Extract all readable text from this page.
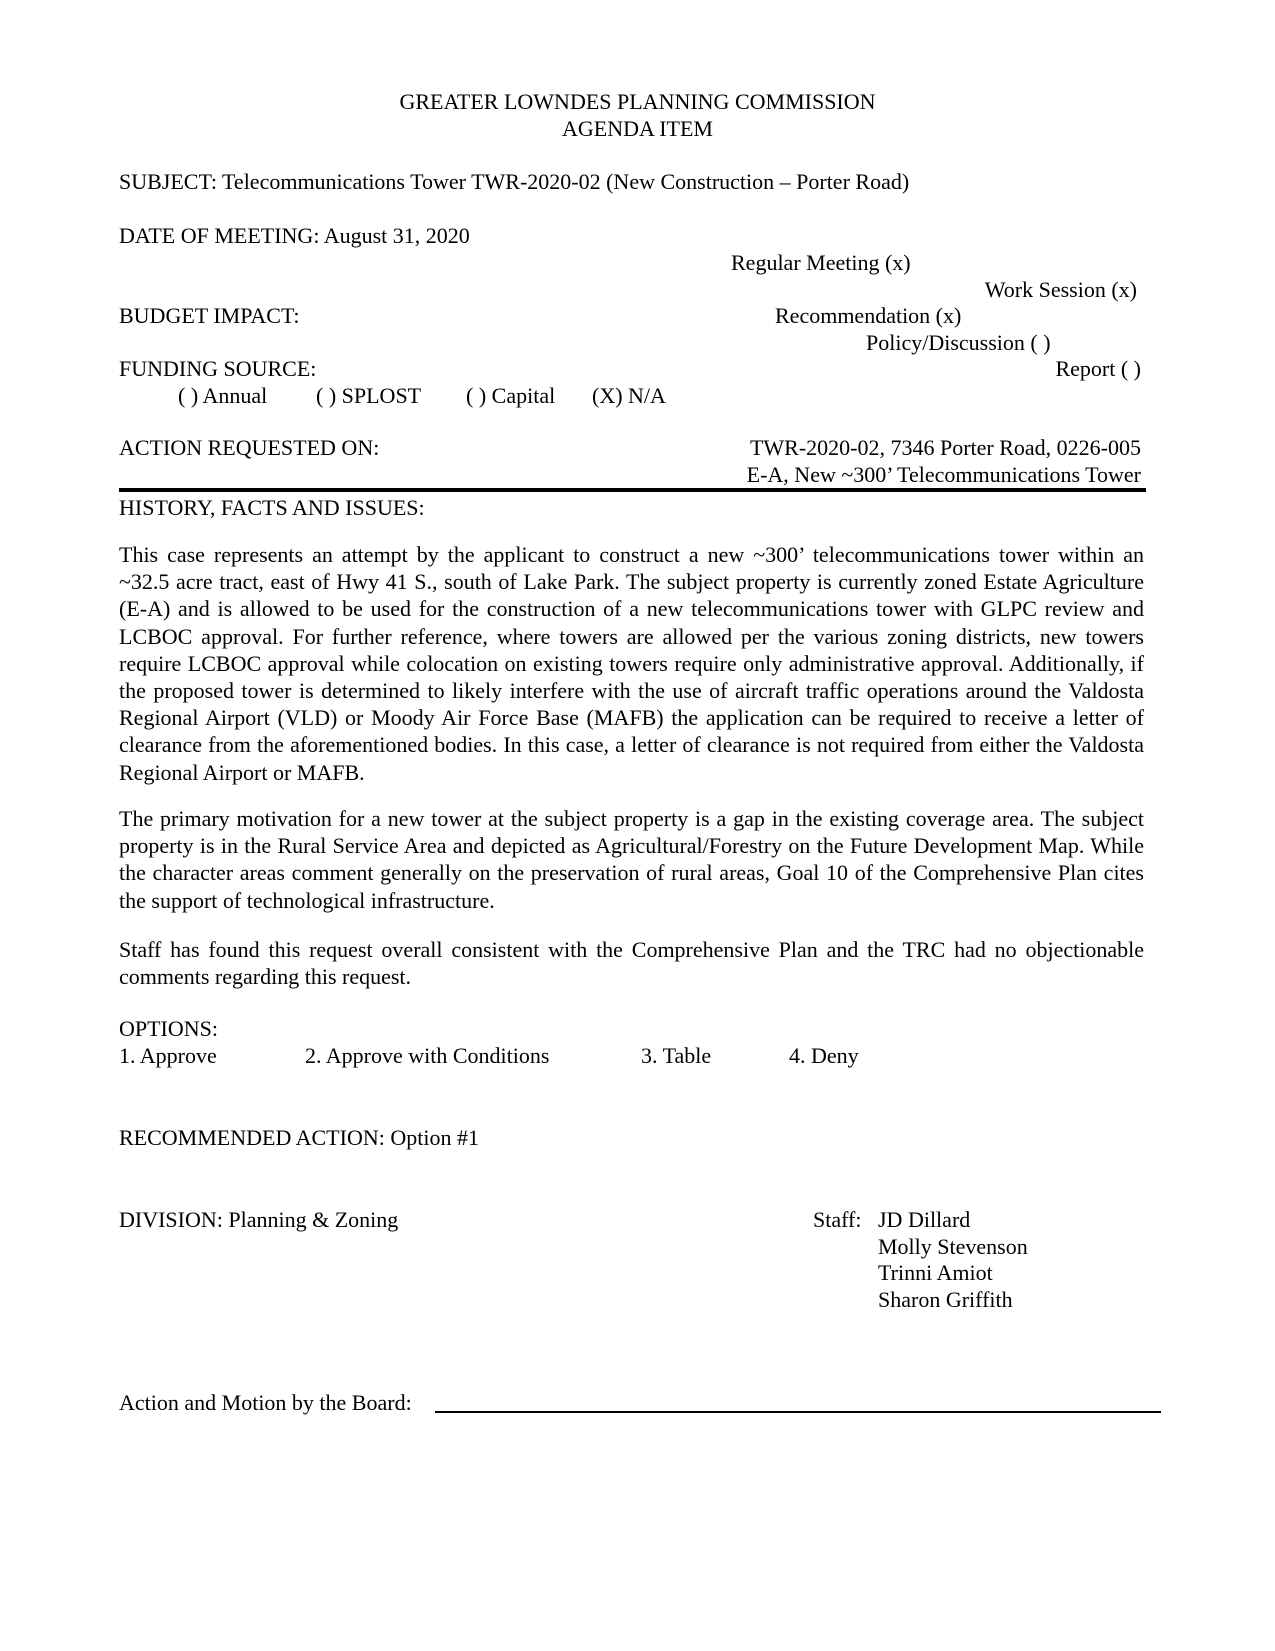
GREATER LOWNDES PLANNING COMMISSION
AGENDA ITEM
SUBJECT: Telecommunications Tower TWR-2020-02 (New Construction – Porter Road)
DATE OF MEETING: August 31, 2020
Regular Meeting (x)
Work Session (x)
BUDGET IMPACT:	Recommendation (x)
Policy/Discussion ( )
FUNDING SOURCE:	Report ( )
( ) Annual ( ) SPLOST ( ) Capital (X) N/A
ACTION REQUESTED ON:	TWR-2020-02, 7346 Porter Road, 0226-005
E-A, New ~300’ Telecommunications Tower
HISTORY, FACTS AND ISSUES:
This case represents an attempt by the applicant to construct a new ~300’ telecommunications tower within an ~32.5 acre tract, east of Hwy 41 S., south of Lake Park. The subject property is currently zoned Estate Agriculture (E-A) and is allowed to be used for the construction of a new telecommunications tower with GLPC review and LCBOC approval. For further reference, where towers are allowed per the various zoning districts, new towers require LCBOC approval while colocation on existing towers require only administrative approval. Additionally, if the proposed tower is determined to likely interfere with the use of aircraft traffic operations around the Valdosta Regional Airport (VLD) or Moody Air Force Base (MAFB) the application can be required to receive a letter of clearance from the aforementioned bodies. In this case, a letter of clearance is not required from either the Valdosta Regional Airport or MAFB.
The primary motivation for a new tower at the subject property is a gap in the existing coverage area. The subject property is in the Rural Service Area and depicted as Agricultural/Forestry on the Future Development Map. While the character areas comment generally on the preservation of rural areas, Goal 10 of the Comprehensive Plan cites the support of technological infrastructure.
Staff has found this request overall consistent with the Comprehensive Plan and the TRC had no objectionable comments regarding this request.
OPTIONS:
1. Approve	2. Approve with Conditions	3. Table	4. Deny
RECOMMENDED ACTION: Option #1
DIVISION: Planning & Zoning	Staff: JD Dillard
Molly Stevenson
Trinni Amiot
Sharon Griffith
Action and Motion by the Board:
